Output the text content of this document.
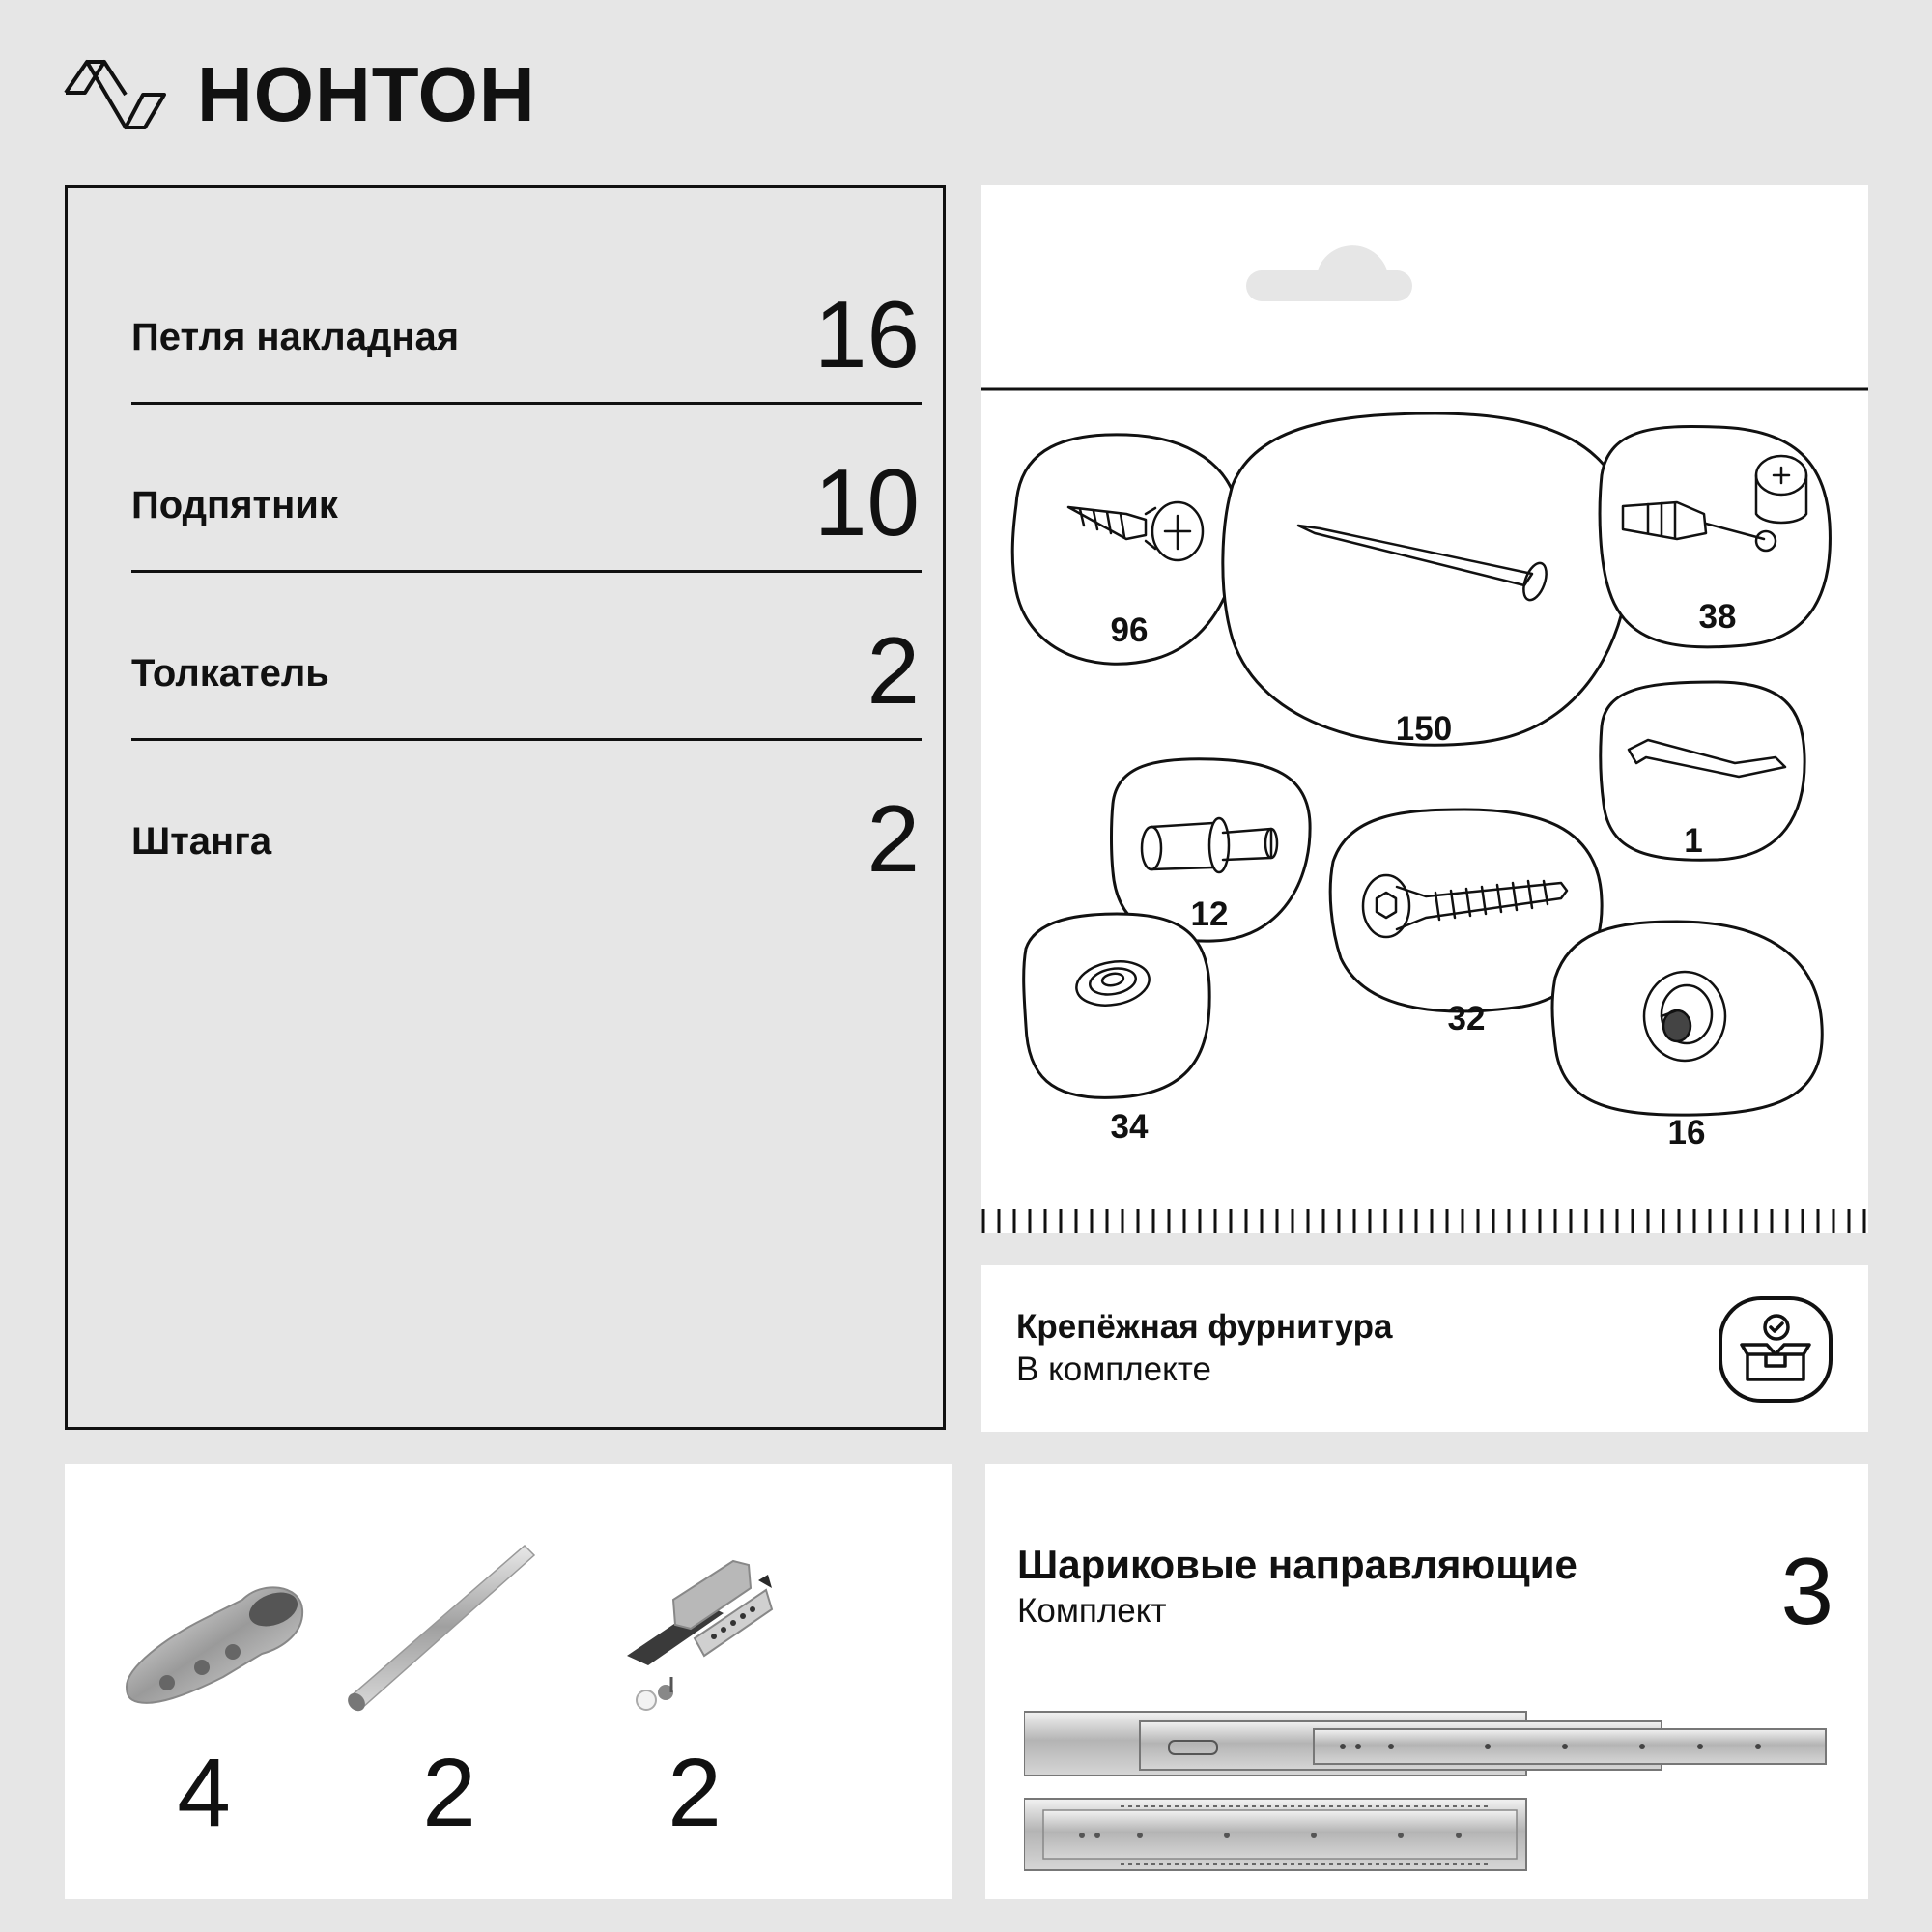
НОНТОН
Петля накладная	16
Подпятник	10
Толкатель	2
Штанга	2
96
150
38
1
12
32
34	16
Крепёжная фурнитура
В комплекте
4	2	2
Шариковые направляющие
Комплект	3
